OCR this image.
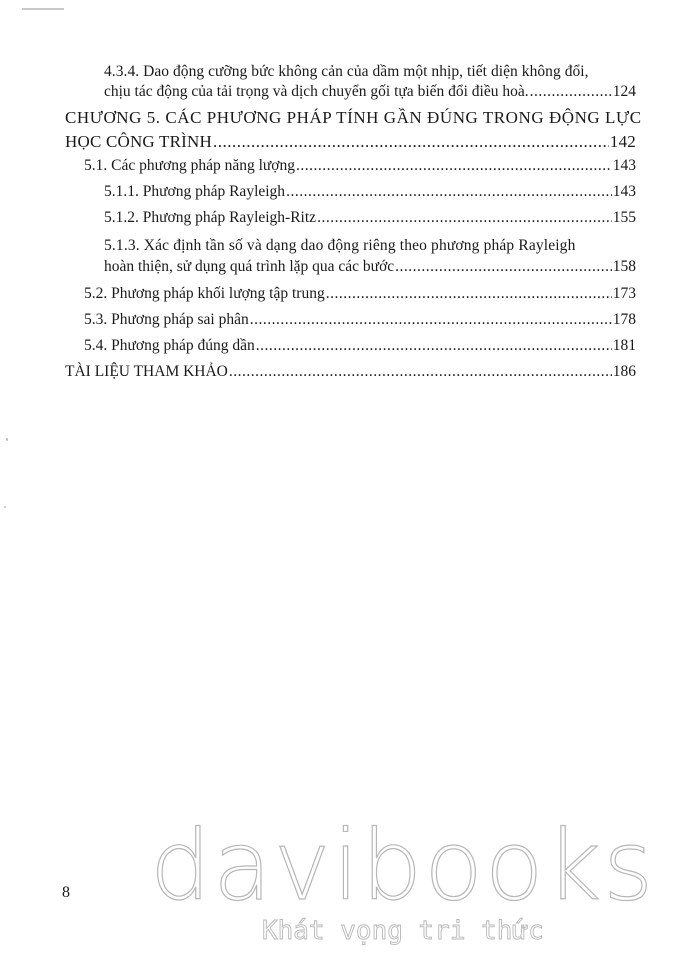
4.3.4. Dao động cưỡng bức không cản của dầm một nhịp, tiết diện không đổi,
chịu tác động của tải trọng và dịch chuyển gối tựa biến đổi điều hoà. .....	124
CHƯƠNG 5. CÁC PHƯƠNG PHÁP TÍNH GẦN ĐÚNG TRONG ĐỘNG LỰC
HỌC CÔNG TRÌNH .....	142
5.1. Các phương pháp năng lượng .....	143
5.1.1. Phương pháp Rayleigh .....	143
5.1.2. Phương pháp Rayleigh-Ritz .....	155
5.1.3. Xác định tần số và dạng dao động riêng theo phương pháp Rayleigh
hoàn thiện, sử dụng quá trình lặp qua các bước .....	158
5.2. Phương pháp khối lượng tập trung .....	173
5.3. Phương pháp sai phân .....	178
5.4. Phương pháp đúng dần .....	181
TÀI LIỆU THAM KHẢO .....	186
8 davibooks
Khát vọng tri thức
